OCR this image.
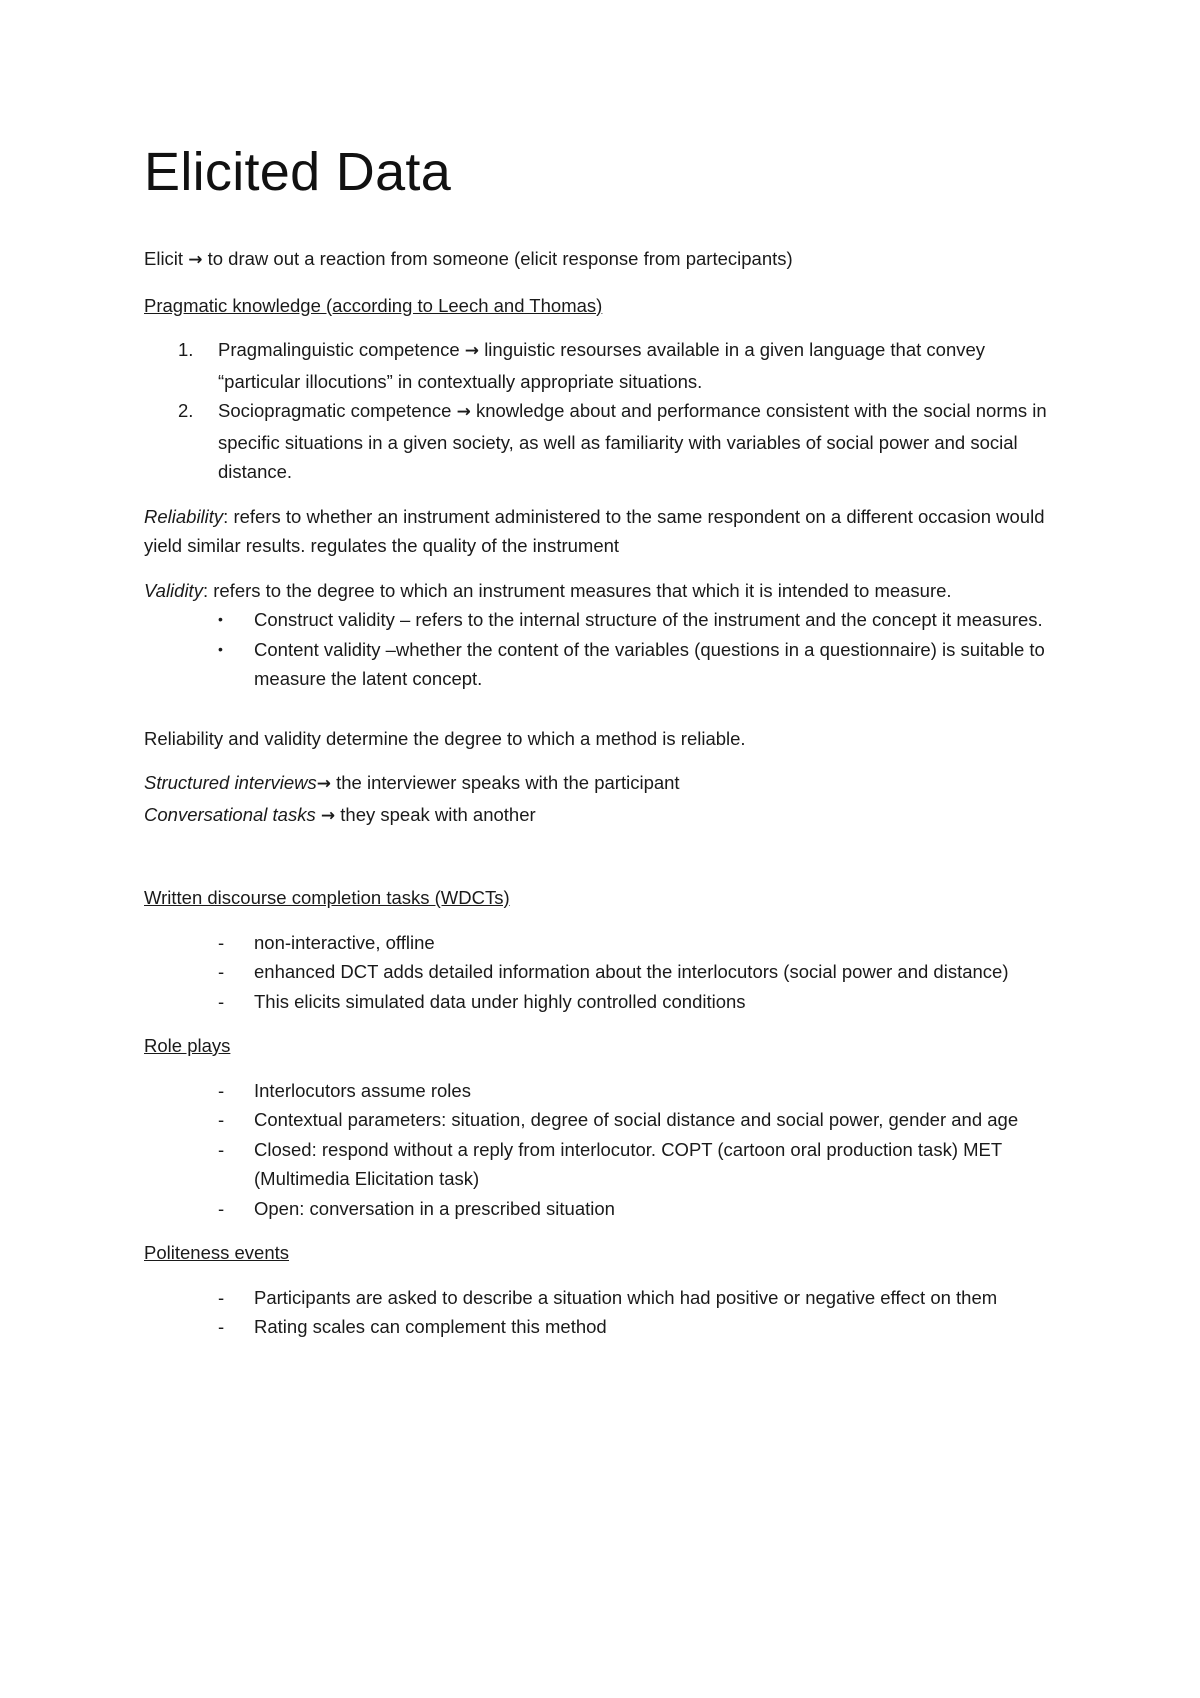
Elicited Data

Elicit → to draw out a reaction from someone (elicit response from partecipants)

Pragmatic knowledge (according to Leech and Thomas)

1. Pragmalinguistic competence → linguistic resourses available in a given language that convey “particular illocutions” in contextually appropriate situations.
2. Sociopragmatic competence → knowledge about and performance consistent with the social norms in specific situations in a given society, as well as familiarity with variables of social power and social distance.

Reliability: refers to whether an instrument administered to the same respondent on a different occasion would yield similar results. regulates the quality of the instrument

Validity: refers to the degree to which an instrument measures that which it is intended to measure.

• Construct validity – refers to the internal structure of the instrument and the concept it measures.
• Content validity –whether the content of the variables (questions in a questionnaire) is suitable to measure the latent concept.

Reliability and validity determine the degree to which a method is reliable.

Structured interviews→ the interviewer speaks with the participant
Conversational tasks → they speak with another

Written discourse completion tasks (WDCTs)

- non-interactive, offline
- enhanced DCT adds detailed information about the interlocutors (social power and distance)
- This elicits simulated data under highly controlled conditions

Role plays

- Interlocutors assume roles
- Contextual parameters: situation, degree of social distance and social power, gender and age
- Closed: respond without a reply from interlocutor. COPT (cartoon oral production task) MET (Multimedia Elicitation task)
- Open: conversation in a prescribed situation

Politeness events

- Participants are asked to describe a situation which had positive or negative effect on them
- Rating scales can complement this method
